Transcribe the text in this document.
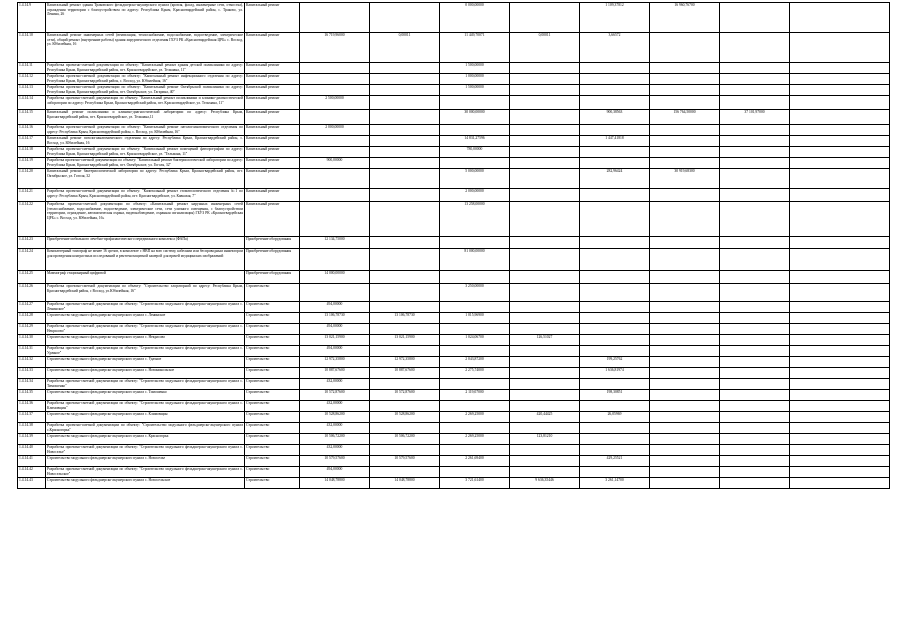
1.4.14.9	Капитальный ремонт здания Траковского фельдшерско-акушерского пункта (кровля, фасад, инженерные сети, отмостка), ограждения территории с благоустройством по адресу: Республика Крым, Красногвардейский район, с. Траково, ул. Ленина, 26	Капитальный ремонт			0 000,00000		1 109,37812	16 960,76700		
1.4.14.10	Капитальный ремонт инженерных сетей (вентиляция, теплоснабжение, водоснабжение, водоотведение, электрические сети), общий ремонт (внутренние работы) здания хирургического отделения ГБУЗ РК «Красногвардейская ЦРБ» с. Восход, ул. Юбилейная, 16	Капитальный ремонт	16 719,96000	0,00011	11 449,70071	0,00011	3,66572			
1.4.14.11	Разработка проектно-сметной документации по объекту: "Капитальный ремонт здания детской поликлиники по адресу: Республика Крым, Красногвардейский район, пгт. Красногвардейское, ул. Тельмана, 11"	Капитальный ремонт			1 500,00000					
1.4.14.12	Разработка проектно-сметной документации по объекту: "Капитальный ремонт инфекционного отделения по адресу: Республика Крым, Красногвардейский район, с. Восход, ул. Юбилейная, 16"	Капитальный ремонт			1 000,00000					
1.4.14.13	Разработка проектно-сметной документации по объекту: "Капитальный ремонт Октябрьской поликлиники по адресу: Республика Крым, Красногвардейский район, пгт. Октябрьское, ул. Гагарина, 40"	Капитальный ремонт			1 500,00000					
1.4.14.14	Разработка проектно-сметной документации по объекту: "Капитальный ремонт поликлиники и клинико-диагностической лаборатории по адресу: Республика Крым, Красногвардейский район, пгт. Красногвардейское, ул. Тельмана, 11"	Капитальный ремонт	2 500,00000							
1.4.14.15	Капитальный ремонт поликлиники и клинико-диагностической лаборатории по адресу: Республика Крым, Красногвардейский район, пгт. Красногвардейское, ул. Тельмана,11	Капитальный ремонт			30 000,00000		900,38563	156 764,50000	37 101,97000	
1.4.14.16	Разработка проектно-сметной документации по объекту: "Капитальный ремонт патологоанатомического отделения по адресу: Республика Крым, Красногвардейский район, с. Восход, ул. Юбилейная, 16"	Капитальный ремонт	2 000,00000							
1.4.14.17	Капитальный ремонт патологоанатомического отделения по адресу: Республика Крым, Красногвардейский район, с. Восход, ул. Юбилейная, 16	Капитальный ремонт			14 831,27596		1 447,41818			
1.4.14.18	Разработка проектно-сметной документации по объекту: "Капитальный ремонт помещений флюорографии по адресу: Республика Крым, Красногвардейский район, пгт. Красногвардейское, ул. "Тельмана, 11"	Капитальный ремонт			780,00000					
1.4.14.19	Разработка проектно-сметной документации по объекту: "Капитальный ремонт бактериологической лаборатории по адресу: Республика Крым, Красногвардейский район, пгт. Октябрьское, ул. Гоголя, 32"	Капитальный ремонт	900,00000							
1.4.14.20	Капитальный ремонт бактериологической лаборатории по адресу: Республика Крым, Красногвардейский район, пгт. Октябрьское, ул. Гоголя, 32	Капитальный ремонт			5 000,00000		282,96424	30 919,68300		
1.4.14.21	Разработка проектно-сметной документации по объекту: "Капитальный ремонт стоматологического отделения №1 по адресу: Республика Крым, Красногвардейский район, пгт. Красногвардейское, ул. Кавказая, 7"	Капитальный ремонт			2 000,00000					
1.4.14.22	Разработка проектно-сметной документации по объекту: «Капитальный ремонт наружных инженерных сетей (теплоснабжение, водоснабжение, водоотведение, электрические сети, сети уличного освещения, с благоустройством территории, ограждение, автоматическая охрана, видеонаблюдение, охранная сигнализация) ГБУЗ РК «Красногвардейская ЦРБ» с. Восход, ул. Юбилейная, 16»	Капитальный ремонт			13 258,00000					
1.4.14.23	Приобретение мобильного лечебно-профилактического передвижного комплекса (ФАПа)	Приобретение оборудования	12 134,75000							
1.4.14.24	Компьютерный томограф не менее 16 срезов, в комплекте с НВП на всю систему, кабелями или беспроводным инжектором для проведения контрастных исследований и рентгенозащитной камерой для врачей медицинских изображений	Приобретение оборудования			81 000,00000					
1.4.14.25	Маммограф стационарный цифровой	Приобретение оборудования	14 000,00000							
1.4.14.26	Разработка проектно-сметной документации по объекту: "Строительство хлораторной по адресу: Республика Крым, Красногвардейский район, с Восход, ул.Юбилейная, 16"	Строительство			3 250,00000					
1.4.14.27	Разработка проектно-сметной документации по объекту: "Строительство модульного фельдшерско-акушерского пункта с. Ленинское"	Строительство	494,00000							
1.4.14.28	Строительство модульного фельдшерско-акушерского пункта с. Ленинское	Строительство	13 106,78730	13 106,78730	1 015,96900					
1.4.14.29	Разработка проектно-сметной документации по объекту: "Строительство модульного фельдшерско-акушерского пункта с. Некрасово"	Строительство	494,00000							
1.4.14.30	Строительство модульного фельдшерско-акушерского пункта с. Некрасово	Строительство	13 021,15900	13 021,15900	1 024,06700	126,51027				
1.4.14.31	Разработка проектно-сметной документации по объекту: "Строительство модульного фельдшерско-акушерского пункта с. Удачное"	Строительство	494,00000							
1.4.14.32	Строительство модульного фельдшерско-акушерского пункта с. Удачное	Строительство	12 972,35800	12 972,35800	2 043,87200		199,25762			
1.4.14.33	Строительство модульного фельдшерско-акушерского пункта с. Новоникольское	Строительство	10 887,67600	10 887,67600	2 275,74000		1 636,81974			
1.4.14.34	Разработка проектно-сметной документации по объекту: "Строительство модульного фельдшерско-акушерского пункта с. Тимошенко"	Строительство	432,00000							
1.4.14.35	Строительство модульного фельдшерско-акушерского пункта с. Тимошенко	Строительство	10 572,87600	10 572,87600	2 119,07000		198,30851			
1.4.14.36	Разработка проектно-сметной документации по объекту: "Строительство модульного фельдшерско-акушерского пункта с. Климовщин"	Строительство	432,00000							
1.4.14.37	Строительство модульного фельдшерско-акушерского пункта с. Климовщин	Строительство	10 528,86200	10 528,86200	2 269,25000	420,44425	26,05969			
1.4.14.38	Разработка проектно-сметной документации по объекту: "Строительство модульного фельдшерско-акушерского пункта с.Красногорка"	Строительство	432,00000							
1.4.14.39	Строительство модульного фельдшерско-акушерского пункта с. Красногорка	Строительство	10 506,72200	10 506,72200	2 269,25000	123,81210				
1.4.14.40	Разработка проектно-сметной документации по объекту: "Строительство модульного фельдшерско-акушерского пункта с. Новоселье"	Строительство	432,00000							
1.4.14.41	Строительство модульного фельдшерско-акушерского пункта с. Новоселье	Строительство	10 579,57600	10 579,57600	2 261,69400		429,25521			
1.4.14.42	Разработка проектно-сметной документации по объекту: "Строительство модульного фельдшерско-акушерского пункта с. Новосельское"	Строительство	494,00000							
1.4.14.43	Строительство модульного фельдшерско-акушерского пункта с. Новосельское	Строительство	14 048,78800	14 048,78800	3 721,61400	9 636,35446	3 261,14700			
